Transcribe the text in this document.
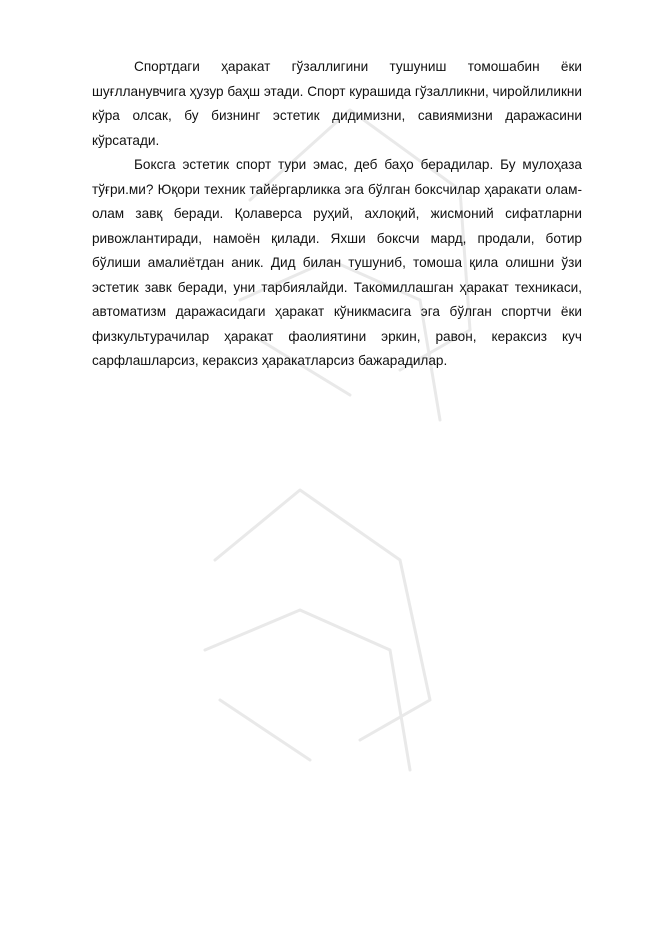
Спортдаги ҳаракат гўзаллигини тушуниш томошабин ёки шуғлланувчига ҳузур баҳш этади. Спорт курашида гўзалликни, чиройлиликни кўра олсак, бу бизнинг эстетик дидимизни, савиямизни даражасини кўрсатади.

Боксга эстетик спорт тури эмас, деб баҳо берадилар. Бу мулоҳаза тўғри.ми? Юқори техник тайёргарликка эга бўлган боксчилар ҳаракати олам-олам завқ беради. Қолаверса руҳий, ахлоқий, жисмоний сифатларни ривожлантиради, намоён қилади. Яхши боксчи мард, продали, ботир бўлиши амалиётдан аник. Дид билан тушуниб, томоша қила олишни ўзи эстетик завк беради, уни тарбиялайди. Такомиллашган ҳаракат техникаси, автоматизм даражасидаги ҳаракат кўникмасига эга бўлган спортчи ёки физкультурачилар ҳаракат фаолиятини эркин, равон, кераксиз куч сарфлашларсиз, кераксиз ҳаракатларсиз бажарадилар.
